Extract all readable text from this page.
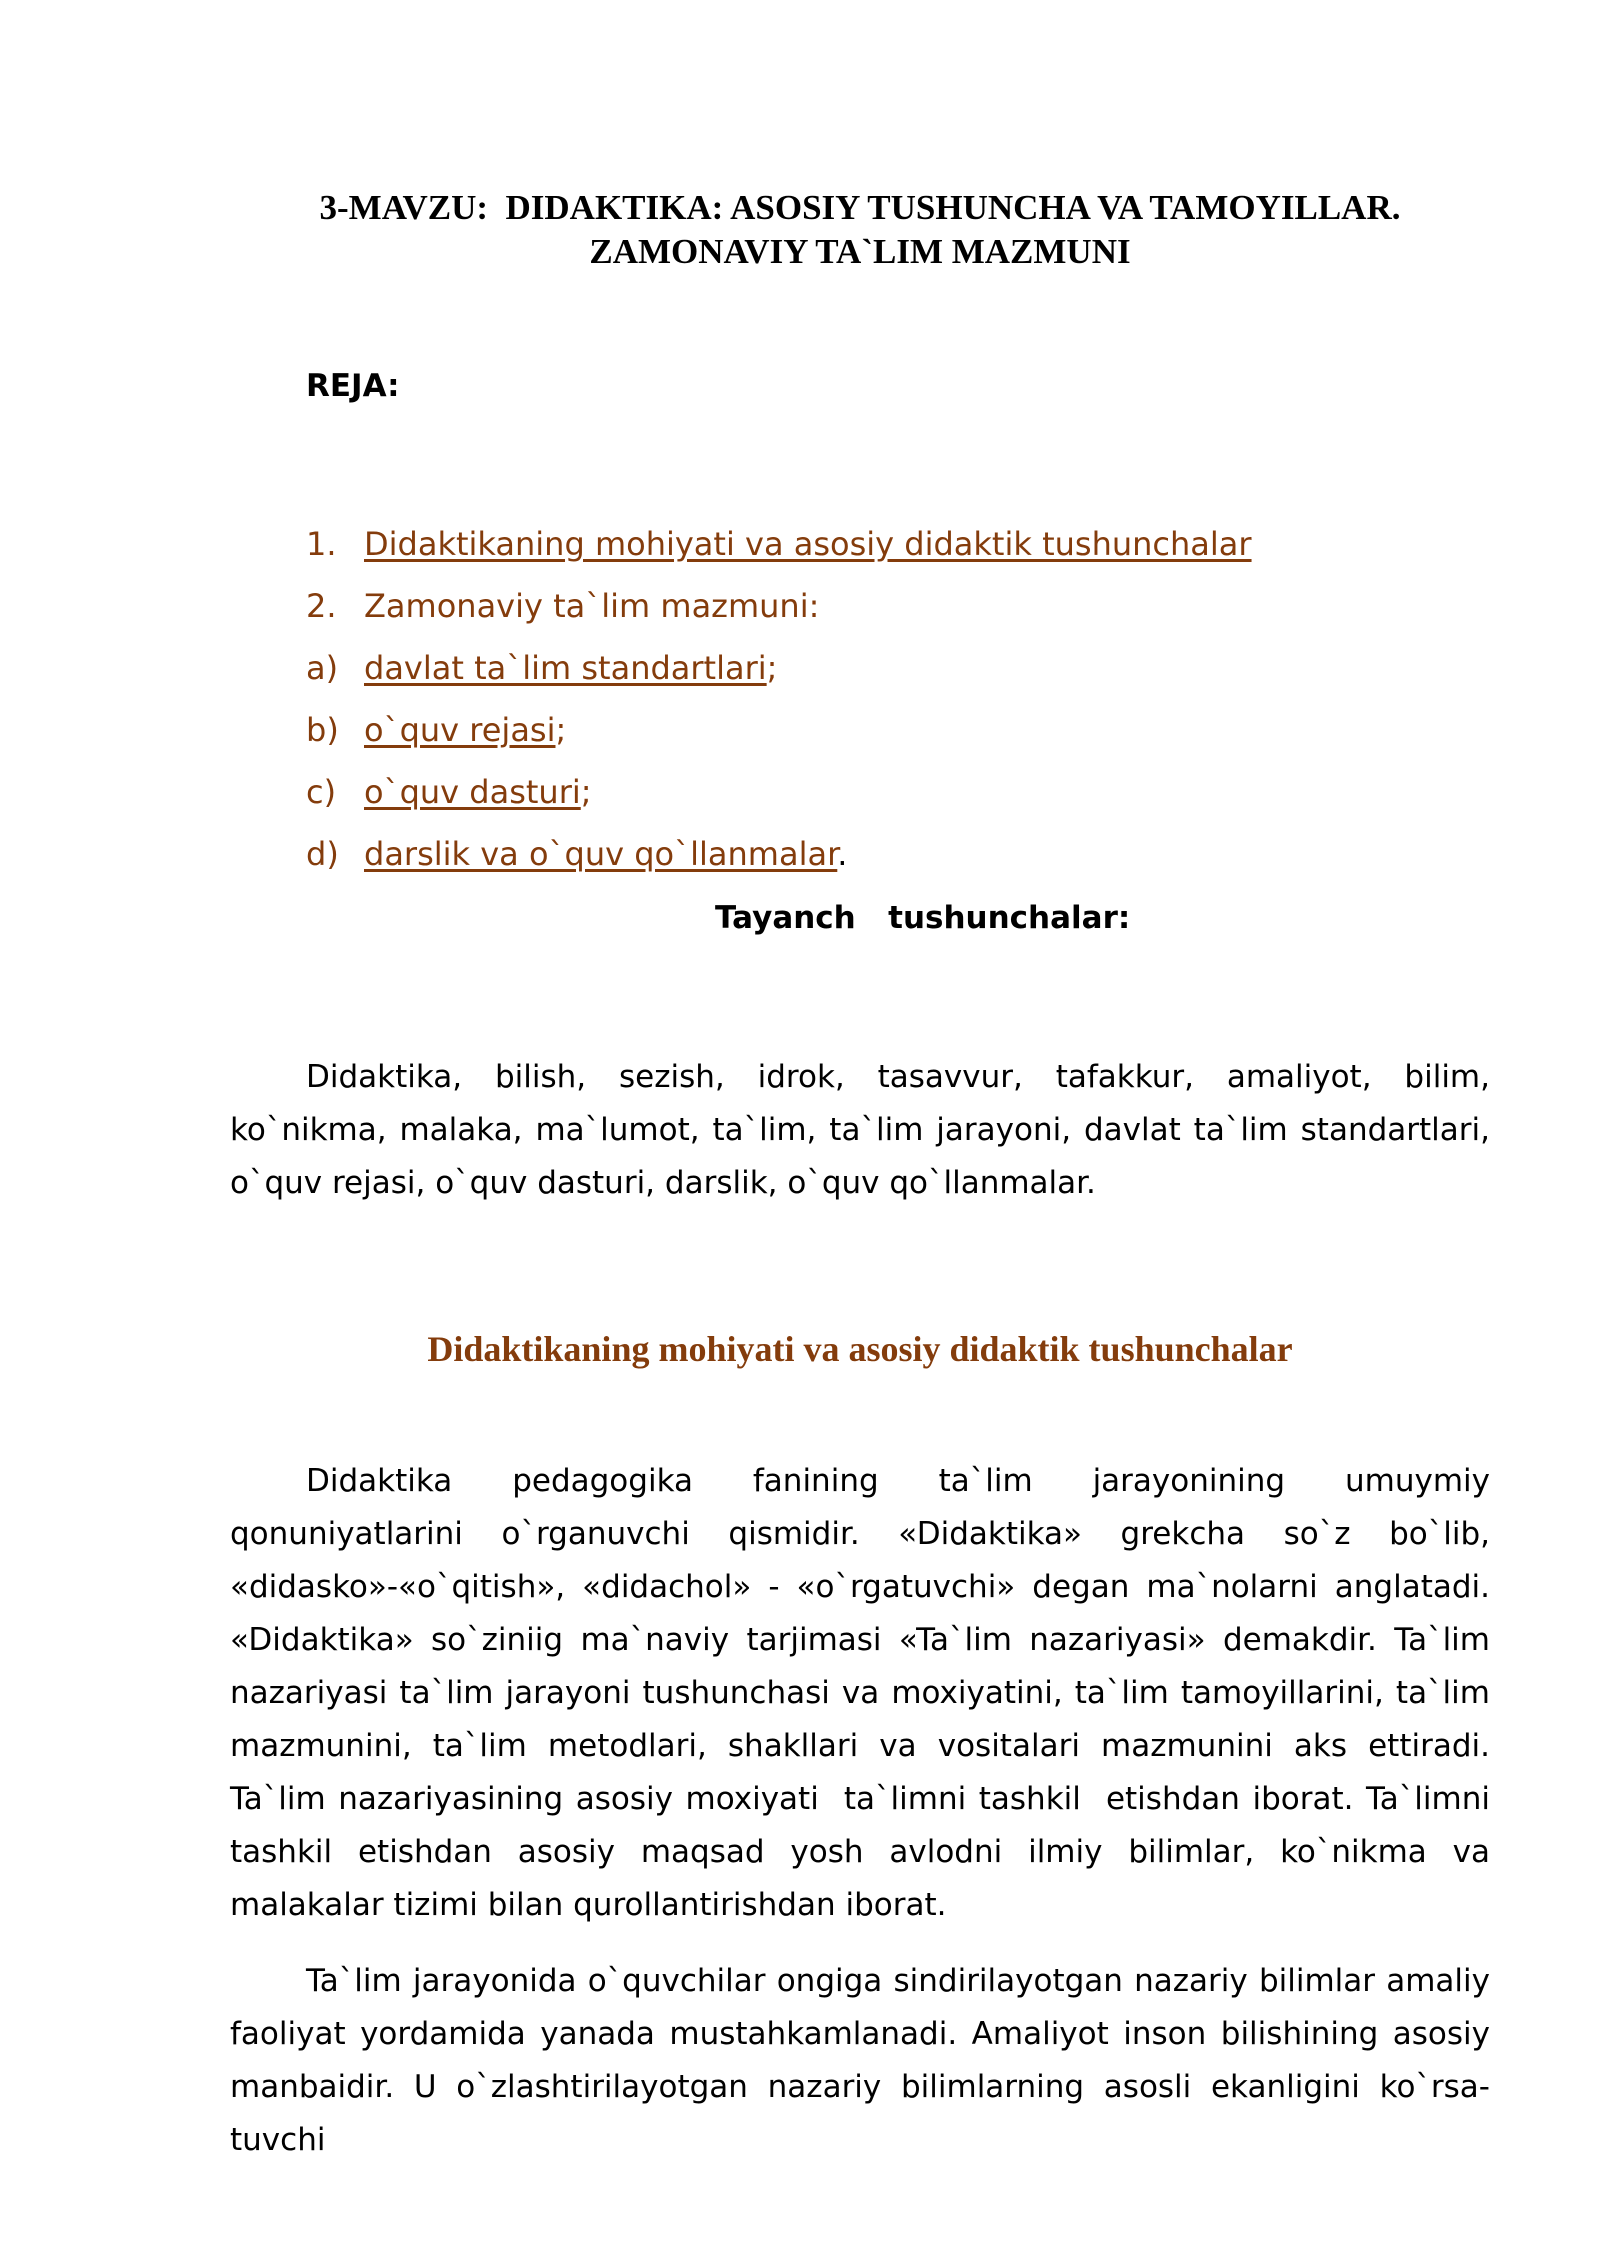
3-MAVZU:  DIDAKTIKA: ASOSIY TUSHUNCHA VA TAMOYILLAR.
ZAMONAVIY TA`LIM MAZMUNI
REJA:
1. Didaktikaning mohiyati va asosiy didaktik tushunchalar
2. Zamonaviy ta`lim mazmuni:
a) davlat ta`lim standartlari;
b) o`quv rejasi;
c) o`quv dasturi;
d) darslik va o`quv qo`llanmalar.
Tayanch   tushunchalar:

Didaktika, bilish, sezish, idrok, tasavvur, tafakkur, amaliyot, bilim, ko`nikma, malaka, ma`lumot, ta`lim, ta`lim jarayoni, davlat ta`lim standartlari, o`quv rejasi, o`quv dasturi, darslik, o`quv qo`llanmalar.

Didaktikaning mohiyati va asosiy didaktik tushunchalar

Didaktika pedagogika fanining ta`lim jarayonining umuymiy   qonuniyatlarini o`rganuvchi qismidir. «Didaktika» grekcha so`z bo`lib, «didasko»-«o`qitish», «didachol» - «o`rgatuvchi» degan ma`nolarni anglatadi. «Didaktika» so`ziniig ma`naviy tarjimasi «Ta`lim nazariyasi» demakdir. Ta`lim nazariyasi ta`lim jarayoni tushunchasi va moxiyatini, ta`lim tamoyillarini, ta`lim mazmunini, ta`lim metodlari, shakllari va vositalari mazmunini aks ettiradi. Ta`lim nazariyasining asosiy moxiyati  ta`limni tashkil  etishdan iborat. Ta`limni tashkil etishdan asosiy maqsad yosh avlodni ilmiy bilimlar, ko`nikma va malakalar tizimi bilan qurollantirishdan iborat.

Ta`lim jarayonida o`quvchilar ongiga sindirilayotgan nazariy bilimlar amaliy faoliyat yordamida yanada mustahkamlanadi. Amaliyot inson bilishining asosiy manbaidir. U o`zlashtirilayotgan nazariy bilimlarning asosli ekanligini ko`rsa-tuvchi
